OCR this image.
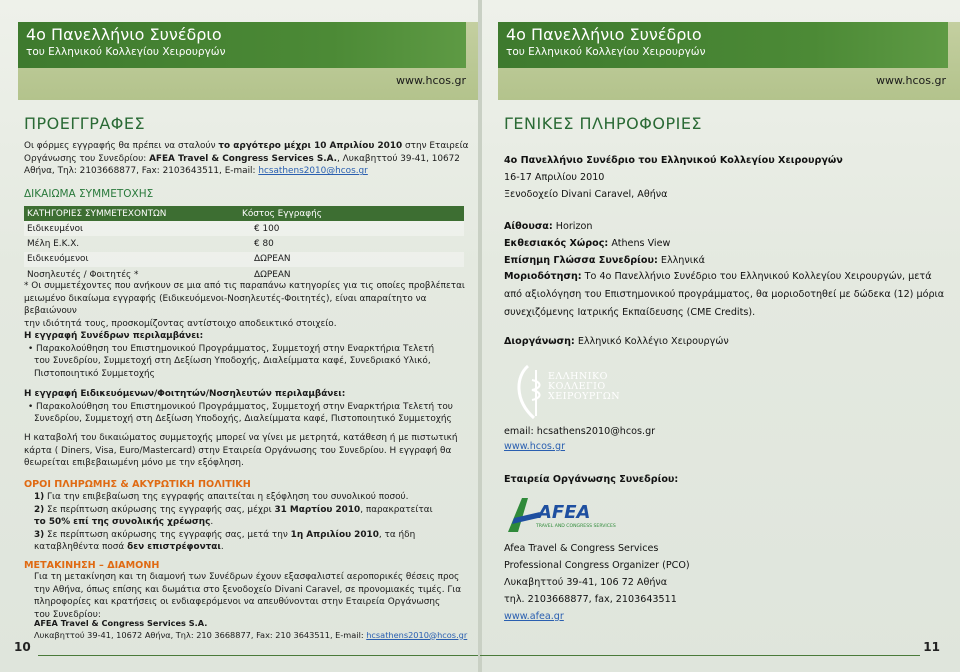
4ο Πανελλήνιο Συνέδριο
του Ελληνικού Κολλεγίου Χειρουργών
www.hcos.gr
ΠΡΟΕΓΓΡΑΦΕΣ
Οι φόρμες εγγραφής θα πρέπει να σταλούν το αργότερο μέχρι 10 Απριλίου 2010 στην Εταιρεία
Οργάνωσης του Συνεδρίου: AFEA Travel & Congress Services S.A., Λυκαβηττού 39-41, 10672
Αθήνα, Τηλ: 2103668877, Fax: 2103643511, E-mail: hcsathens2010@hcos.gr
ΔΙΚΑΙΩΜΑ ΣΥΜΜΕΤΟΧΗΣ
ΚΑΤΗΓΟΡΙΕΣ ΣΥΜΜΕΤΕΧΟΝΤΩΝ	Κόστος Εγγραφής
Ειδικευμένοι	€ 100
Μέλη Ε.Κ.Χ.	€ 80
Ειδικευόμενοι	ΔΩΡΕΑΝ
Νοσηλευτές / Φοιτητές *	ΔΩΡΕΑΝ
* Οι συμμετέχοντες που ανήκουν σε μια από τις παραπάνω κατηγορίες για τις οποίες προβλέπεται
μειωμένο δικαίωμα εγγραφής (Ειδικευόμενοι-Νοσηλευτές-Φοιτητές), είναι απαραίτητο να βεβαιώνουν
την ιδιότητά τους, προσκομίζοντας αντίστοιχο αποδεικτικό στοιχείο.
Η εγγραφή Συνέδρων περιλαμβάνει:
• Παρακολούθηση του Επιστημονικού Προγράμματος, Συμμετοχή στην Εναρκτήρια Τελετή
του Συνεδρίου, Συμμετοχή στη Δεξίωση Υποδοχής, Διαλείμματα καφέ, Συνεδριακό Υλικό,
Πιστοποιητικό Συμμετοχής
Η εγγραφή Ειδικευόμενων/Φοιτητών/Νοσηλευτών περιλαμβάνει:
• Παρακολούθηση του Επιστημονικού Προγράμματος, Συμμετοχή στην Εναρκτήρια Τελετή του
Συνεδρίου, Συμμετοχή στη Δεξίωση Υποδοχής, Διαλείμματα καφέ, Πιστοποιητικό Συμμετοχής
Η καταβολή του δικαιώματος συμμετοχής μπορεί να γίνει με μετρητά, κατάθεση ή με πιστωτική
κάρτα ( Diners, Visa, Euro/Mastercard) στην Εταιρεία Οργάνωσης του Συνεδρίου. Η εγγραφή θα
θεωρείται επιβεβαιωμένη μόνο με την εξόφληση.
ΟΡΟΙ ΠΛΗΡΩΜΗΣ & ΑΚΥΡΩΤΙΚΗ ΠΟΛΙΤΙΚΗ
1) Για την επιβεβαίωση της εγγραφής απαιτείται η εξόφληση του συνολικού ποσού.
2) Σε περίπτωση ακύρωσης της εγγραφής σας, μέχρι 31 Μαρτίου 2010, παρακρατείται
το 50% επί της συνολικής χρέωσης.
3) Σε περίπτωση ακύρωσης της εγγραφής σας, μετά την 1η Απριλίου 2010, τα ήδη
καταβληθέντα ποσά δεν επιστρέφονται.
ΜΕΤΑΚΙΝΗΣΗ – ΔΙΑΜΟΝΗ
Για τη μετακίνηση και τη διαμονή των Συνέδρων έχουν εξασφαλιστεί αεροπορικές θέσεις προς
την Αθήνα, όπως επίσης και δωμάτια στο ξενοδοχείο Divani Caravel, σε προνομιακές τιμές. Για
πληροφορίες και κρατήσεις οι ενδιαφερόμενοι να απευθύνονται στην Εταιρεία Οργάνωσης
του Συνεδρίου:
AFEA Travel & Congress Services S.A.
Λυκαβηττού 39-41, 10672 Αθήνα, Τηλ: 210 3668877, Fax: 210 3643511, E-mail: hcsathens2010@hcos.gr
10
4ο Πανελλήνιο Συνέδριο
του Ελληνικού Κολλεγίου Χειρουργών
www.hcos.gr
ΓΕΝΙΚΕΣ ΠΛΗΡΟΦΟΡΙΕΣ
4ο Πανελλήνιο Συνέδριο του Ελληνικού Κολλεγίου Χειρουργών
16-17 Απριλίου 2010
Ξενοδοχείο Divani Caravel, Αθήνα
Αίθουσα: Horizon
Εκθεσιακός Χώρος: Athens View
Επίσημη Γλώσσα Συνεδρίου: Ελληνικά
Μοριοδότηση: Το 4ο Πανελλήνιο Συνέδριο του Ελληνικού Κολλεγίου Χειρουργών, μετά
από αξιολόγηση του Επιστημονικού προγράμματος, θα μοριοδοτηθεί με δώδεκα (12) μόρια
συνεχιζόμενης Ιατρικής Εκπαίδευσης (CME Credits).
Διοργάνωση: Ελληνικό Κολλέγιο Χειρουργών
ΕΛΛΗΝΙΚΟ
ΚΟΛΛΕΓΙΟ
ΧΕΙΡΟΥΡΓΩΝ
email: hcsathens2010@hcos.gr
www.hcos.gr
Εταιρεία Οργάνωσης Συνεδρίου:
AFEA
TRAVEL AND CONGRESS SERVICES
Afea Travel & Congress Services
Professional Congress Organizer (PCO)
Λυκαβηττού 39-41, 106 72 Αθήνα
τηλ. 2103668877, fax, 2103643511
www.afea.gr
11
